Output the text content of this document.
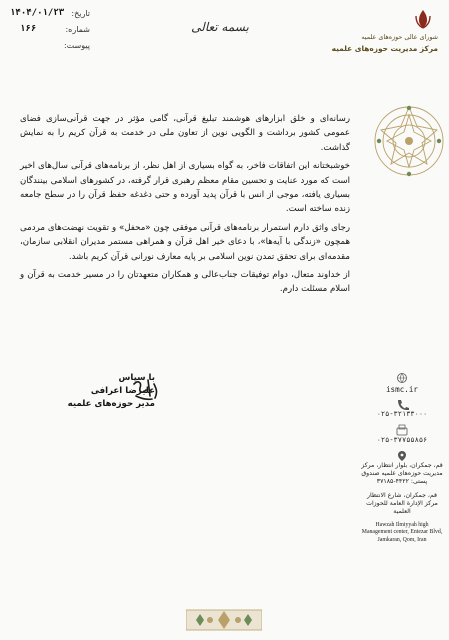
۱۴۰۴/۰۱/۲۳ تاریخ:
۱۶۶	شماره:
پیوست:
بسمه تعالی
شورای عالی حوزه‌های علمیه
مرکز مدیریت حوزه‌های علمیه

رسانه‌ای و خلق ابزارهای هوشمند تبلیغ قرآنی، گامی مؤثر در جهت قرآنی‌سازی فضای عمومی کشور برداشت و الگویی نوین از تعاون ملی در خدمت به قرآن کریم را به نمایش گذاشت.

خوشبختانه این اتفاقات فاخر، به گواه بسیاری از اهل نظر، از برنامه‌های قرآنی سال‌های اخیر است که مورد عنایت و تحسین مقام معظم رهبری قرار گرفته، در کشورهای اسلامی بینندگان بسیاری یافته، موجی از انس با قرآن پدید آورده و حتی دغدغه حفظ قرآن را در سطح جامعه زنده ساخته است.

رجای واثق دارم استمرار برنامه‌های قرآنی موفقی چون «محفل» و تقویت نهضت‌های مردمی همچون «زندگی با آیه‌ها»، با دعای خیر اهل قرآن و همراهی مستمر مدیران انقلابی سازمان، مقدمه‌ای برای تحقق تمدن نوین اسلامی بر پایه معارف نورانی قرآن کریم باشد.

از خداوند متعال، دوام توفیقات جناب‌عالی و همکاران متعهدتان را در مسیر خدمت به قرآن و اسلام مسئلت دارم.

با سپاس
علیرضا اعرافی
مدیر حوزه‌های علمیه
ismc.ir
۰۲۵-۳۲۱۳۳۰۰۰
۰۲۵-۳۷۷۵۵۸۵۶
قم، جمکران، بلوار انتظار، مرکز مدیریت حوزه‌های علمیه صندوق پستی: ۴۴۲۲-۳۷۱۸۵
قم، جمكران، شارع الانتظار مركز الإدارة العامة للحوزات العلمية
Hawzah Ilmiyyah high Management center, Entezar Blvd, Jamkaran, Qom, Iran
